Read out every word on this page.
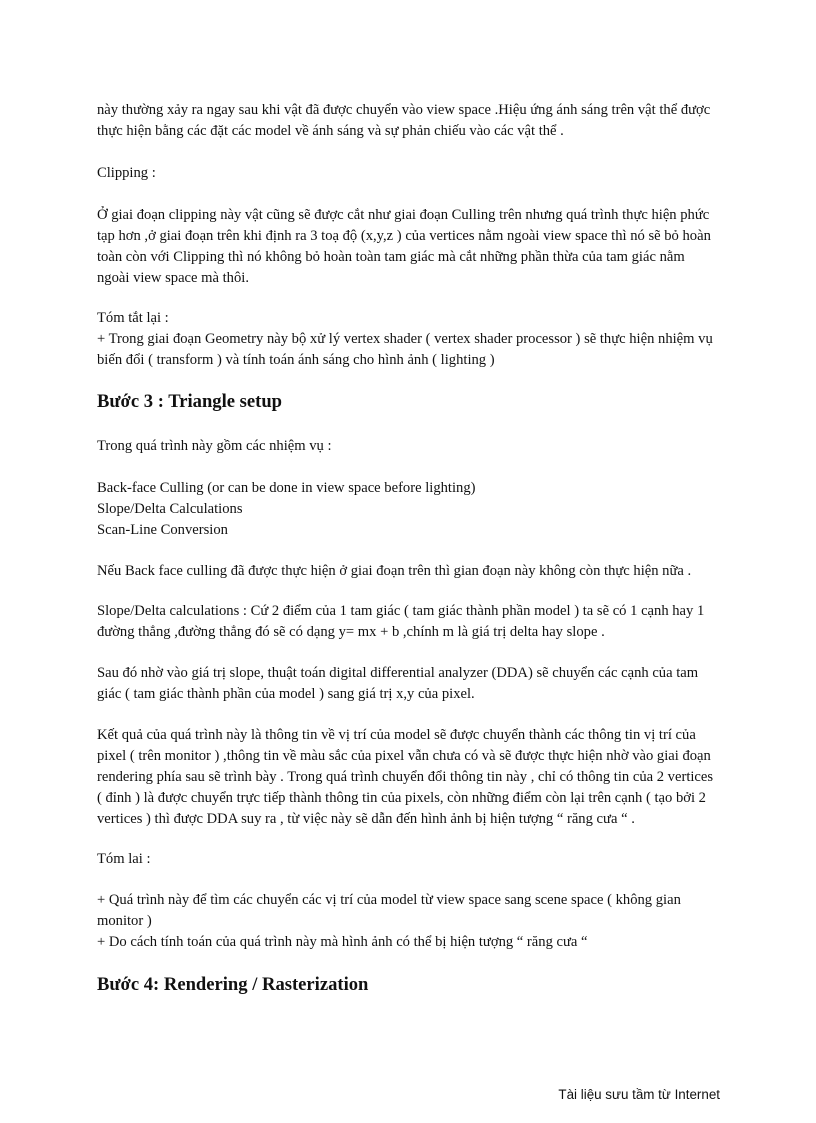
này thường xảy ra ngay sau khi vật đã được chuyển vào view space .Hiệu ứng ánh sáng trên vật thể được
thực hiện bằng các đặt các model về ánh sáng và sự phản chiếu vào các vật thể .

Clipping :

Ở giai đoạn clipping này vật cũng sẽ được cắt như giai đoạn Culling trên nhưng quá trình thực hiện phức
tạp hơn ,ở giai đoạn trên khi định ra 3 toạ độ (x,y,z ) của vertices nằm ngoài view space thì nó sẽ bỏ hoàn
toàn còn với Clipping thì nó không bỏ hoàn toàn tam giác mà cắt những phần thừa của tam giác nằm
ngoài view space mà thôi.

Tóm tắt lại :
+ Trong giai đoạn Geometry này bộ xử lý vertex shader ( vertex shader processor ) sẽ thực hiện nhiệm vụ
biến đổi ( transform ) và tính toán ánh sáng cho hình ảnh ( lighting )

Bước 3 : Triangle setup

Trong quá trình này gồm các nhiệm vụ :

Back-face Culling (or can be done in view space before lighting)
Slope/Delta Calculations
Scan-Line Conversion

Nếu Back face culling đã được thực hiện ở giai đoạn trên thì gian đoạn này không còn thực hiện nữa .

Slope/Delta calculations : Cứ 2 điểm của 1 tam giác ( tam giác thành phần model ) ta sẽ có 1 cạnh hay 1
đường thẳng ,đường thẳng đó sẽ có dạng y= mx + b ,chính m là giá trị delta hay slope .

Sau đó nhờ vào giá trị slope, thuật toán digital differential analyzer (DDA) sẽ chuyển các cạnh của tam
giác ( tam giác thành phần của model ) sang giá trị x,y của pixel.

Kết quả của quá trình này là thông tin về vị trí của model sẽ được chuyển thành các thông tin vị trí của
pixel ( trên monitor ) ,thông tin về màu sắc của pixel vẫn chưa có và sẽ được thực hiện nhờ vào giai đoạn
rendering phía sau sẽ trình bày . Trong quá trình chuyển đổi thông tin này , chỉ có thông tin của 2 vertices
( đỉnh ) là được chuyển trực tiếp thành thông tin của pixels, còn những điểm còn lại trên cạnh ( tạo bởi 2
vertices ) thì được DDA suy ra , từ việc này sẽ dẫn đến hình ảnh bị hiện tượng “ răng cưa “ .

Tóm lai :

+ Quá trình này để tìm các chuyển các vị trí của model từ view space sang scene space ( không gian
monitor )
+ Do cách tính toán của quá trình này mà hình ảnh có thể bị hiện tượng “ răng cưa “

Bước 4: Rendering / Rasterization
Tài liệu sưu tầm từ Internet
